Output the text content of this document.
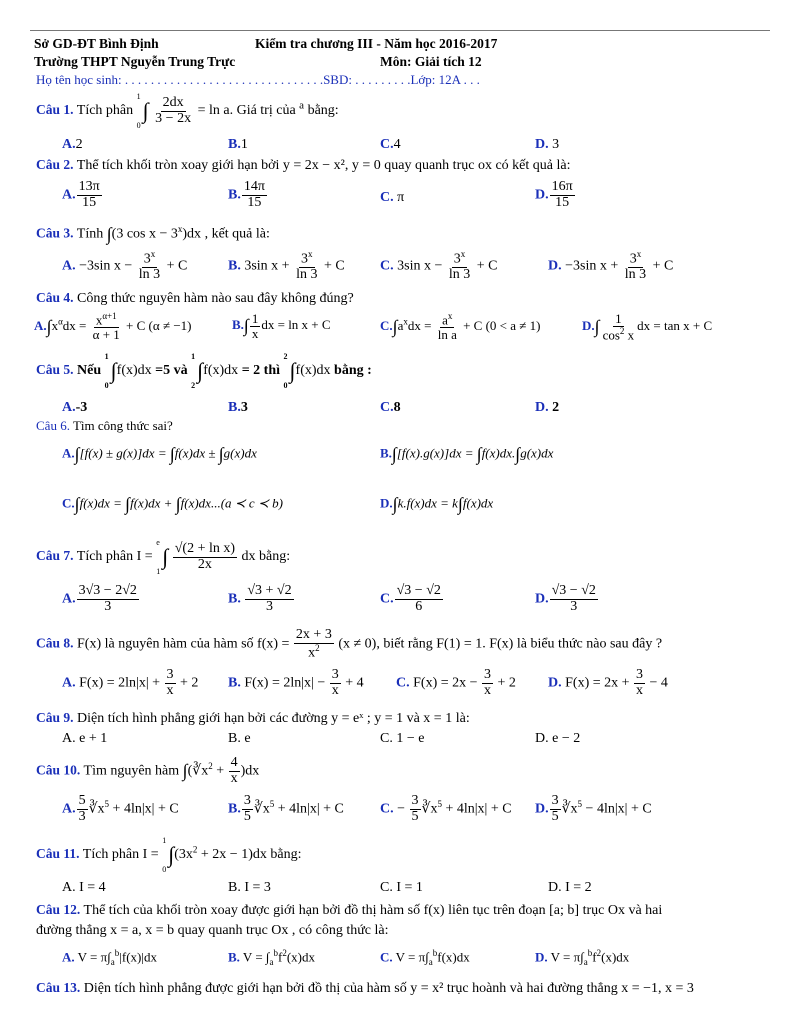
Sở GD-ĐT Bình Định	Kiểm tra chương III - Năm học 2016-2017
Trường THPT Nguyễn Trung Trực	Môn: Giải tích 12
Họ tên học sinh: . . . . . . . . . . . . . . . . . . . . . . . . . . . . . . .SBD: . . . . . . . . .Lớp: 12A . . .
Câu 1. Tích phân
1
0
∫ $\frac{2dx}{3 - 2x} = \ln a$. Giá trị của $^a$ bằng:
A.2	B.1	C.4	D. 3
Câu 2. Thể tích khối tròn xoay giới hạn bởi y = 2x − x², y = 0 quay quanh trục ox có kết quả là:
A. $\frac{13\pi}{15}$	B. $\frac{14\pi}{15}$	C. π	D. $\frac{16\pi}{15}$
Câu 3. Tính ∫(3 $\cos x - 3^x)dx$ , kết quả là:
A. −3sin $x - \frac{3^x}{\ln 3} + C$	B. 3sin $x + \frac{3^x}{\ln 3} + C$	C. 3sin $x - \frac{3^x}{\ln 3} + C$	D. −3sin $x + \frac{3^x}{\ln 3} + C$
Câu 4. Công thức nguyên hàm nào sau đây không đúng?
$A.\int x^\alpha dx = \frac{x^{\alpha+1}}{\alpha + 1} + C$ (α ≠ −1)	$B.\int \frac{1}{x}$ dx = ln x + C	$C.\int a^xdx = \frac{a^x}{\text{ln a}} + C$ (0 < a ≠ 1)	$D.\int \frac{1}{\cos^2 x}$ dx = tan x + C
Câu 5. Nếu
1
0
∫f(x)dx =5 và
1
2
∫f(x)dx = 2 thì
2
0
∫f(x)dx bằng :
A.-3	B.3	C.8	D. 2
Câu 6. Tìm công thức sai?
A.∫[f(x) ± g(x)]dx = ∫f(x)dx ± ∫g(x)dx	B.∫[f(x).g(x)]dx = ∫f(x)dx.∫g(x)dx
C.∫f(x)dx = ∫f(x)dx + ∫f(x)dx...(a ≺ c ≺ b)	D.∫k.f(x)dx = k∫f(x)dx
Câu 7. Tích phân I =
e
1
∫ $\frac{\text{√(2 + ln x)}}{2x}$ dx bằng:
A. $\frac{3√3 - 2√2}{3}$	B. $\frac{√3 + √2}{3}$	C. $\frac{√3 - √2}{6}$	D. $\frac{√3 - √2}{3}$
Câu 8. F(x) là nguyên hàm của hàm số $f(x) = \frac{2x + 3}{x^2} (x \ne 0)$, biết rằng F(1) = 1. F(x) là biểu thức nào sau đây ?
A. $F(x) = 2\ln|x| + \frac{3}{x} + 2$ B. $F(x) = 2\ln|x| - \frac{3}{x} + 4$ C. $F(x) = 2x - \frac{3}{x} + 2$ D. $F(x) = 2x + \frac{3}{x} - 4$
Câu 9. Diện tích hình phẳng giới hạn bởi các đường y = eˣ ; y = 1 và x = 1 là:
A. e + 1	B. e	C. 1 − e	D. e − 2
Câu 10. Tìm nguyên hàm $\int(∛x^2 + \frac{4}{x} )dx$
A. $\frac{5}{3}$ $∛x^5 + 4\ln|x| + C$	B. $\frac{3}{5}$ $∛x^5 + 4\ln|x| + C$	C. − $\frac{3}{5}$ $∛x^5 + 4\ln|x| + C$ D. $\frac{3}{5}$ $∛x^5 - 4\ln|x| + C$
Câu 11. Tích phân I =
1
0
$\int(3x^2 + 2x - 1)dx$ bằng:
A. I = 4	B. I = 3	C. I = 1	D. I = 2
Câu 12. Thể tích của khối tròn xoay được giới hạn bởi đồ thị hàm số f(x) liên tục trên đoạn [a; b] trục Ox và hai
đường thẳng x = a, x = b quay quanh trục Ox , có công thức là:
A. $V = \pi\int_a^b|f(x)|dx$	B. $V = \int_a^bf^2(x)dx$	C. $V = \pi\int_a^bf(x)dx$	D. $V = \pi\int_a^bf^2(x)dx$
Câu 13. Diện tích hình phẳng được giới hạn bởi đồ thị của hàm số y = x² trục hoành và hai đường thẳng x = −1, x = 3
